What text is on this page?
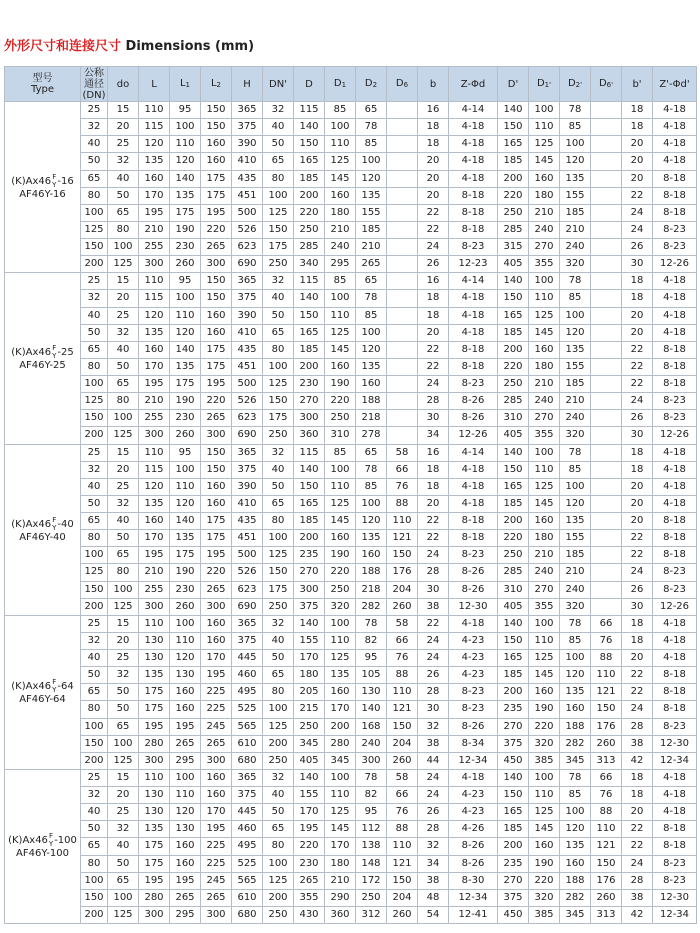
外形尺寸和连接尺寸 Dimensions (mm)
型号
Type	公称通径(DN)	do	L	$L_1$	$L_2$	H	DN'	D	$D_1$	$D_2$	$D_6$	b	Z-Φd	D'	$D_{1'}$	$D_{2'}$	$D_{6'}$	b'	Z'-Φd'

(K)Ax46 F
Y -16
AF46Y-16	25	15	110	95	150	365	32	115	85	65		16	4-14	140	100	78		18	4-18
	32	20	115	100	150	375	40	140	100	78		18	4-18	150	110	85		18	4-18
	40	25	120	110	160	390	50	150	110	85		18	4-18	165	125	100		20	4-18
	50	32	135	120	160	410	65	165	125	100		20	4-18	185	145	120		20	4-18
	65	40	160	140	175	435	80	185	145	120		20	4-18	200	160	135		20	8-18
	80	50	170	135	175	451	100	200	160	135		20	8-18	220	180	155		22	8-18
	100	65	195	175	195	500	125	220	180	155		22	8-18	250	210	185		24	8-18
	125	80	210	190	220	526	150	250	210	185		22	8-18	285	240	210		24	8-23
	150	100	255	230	265	623	175	285	240	210		24	8-23	315	270	240		26	8-23
	200	125	300	260	300	690	250	340	295	265		26	12-23	405	355	320		30	12-26

(K)Ax46 F
Y -25
AF46Y-25	25	15	110	95	150	365	32	115	85	65		16	4-14	140	100	78		18	4-18
	32	20	115	100	150	375	40	140	100	78		18	4-18	150	110	85		18	4-18
	40	25	120	110	160	390	50	150	110	85		18	4-18	165	125	100		20	4-18
	50	32	135	120	160	410	65	165	125	100		20	4-18	185	145	120		20	4-18
	65	40	160	140	175	435	80	185	145	120		22	8-18	200	160	135		22	8-18
	80	50	170	135	175	451	100	200	160	135		22	8-18	220	180	155		22	8-18
	100	65	195	175	195	500	125	230	190	160		24	8-23	250	210	185		22	8-18
	125	80	210	190	220	526	150	270	220	188		28	8-26	285	240	210		24	8-23
	150	100	255	230	265	623	175	300	250	218		30	8-26	310	270	240		26	8-23
	200	125	300	260	300	690	250	360	310	278		34	12-26	405	355	320		30	12-26

(K)Ax46 F
Y -40
AF46Y-40	25	15	110	95	150	365	32	115	85	65	58	16	4-14	140	100	78		18	4-18
	32	20	115	100	150	375	40	140	100	78	66	18	4-18	150	110	85		18	4-18
	40	25	120	110	160	390	50	150	110	85	76	18	4-18	165	125	100		20	4-18
	50	32	135	120	160	410	65	165	125	100	88	20	4-18	185	145	120		20	4-18
	65	40	160	140	175	435	80	185	145	120	110	22	8-18	200	160	135		20	8-18
	80	50	170	135	175	451	100	200	160	135	121	22	8-18	220	180	155		22	8-18
	100	65	195	175	195	500	125	235	190	160	150	24	8-23	250	210	185		22	8-18
	125	80	210	190	220	526	150	270	220	188	176	28	8-26	285	240	210		24	8-23
	150	100	255	230	265	623	175	300	250	218	204	30	8-26	310	270	240		26	8-23
	200	125	300	260	300	690	250	375	320	282	260	38	12-30	405	355	320		30	12-26

(K)Ax46 F
Y -64
AF46Y-64	25	15	110	100	160	365	32	140	100	78	58	22	4-18	140	100	78	66	18	4-18
	32	20	130	110	160	375	40	155	110	82	66	24	4-23	150	110	85	76	18	4-18
	40	25	130	120	170	445	50	170	125	95	76	24	4-23	165	125	100	88	20	4-18
	50	32	135	130	195	460	65	180	135	105	88	26	4-23	185	145	120	110	22	8-18
	65	50	175	160	225	495	80	205	160	130	110	28	8-23	200	160	135	121	22	8-18
	80	50	175	160	225	525	100	215	170	140	121	30	8-23	235	190	160	150	24	8-18
	100	65	195	195	245	565	125	250	200	168	150	32	8-26	270	220	188	176	28	8-23
	150	100	280	265	265	610	200	345	280	240	204	38	8-34	375	320	282	260	38	12-30
	200	125	300	295	300	680	250	405	345	300	260	44	12-34	450	385	345	313	42	12-34

(K)Ax46 F
Y -100
AF46Y-100	25	15	110	100	160	365	32	140	100	78	58	24	4-18	140	100	78	66	18	4-18
	32	20	130	110	160	375	40	155	110	82	66	24	4-23	150	110	85	76	18	4-18
	40	25	130	120	170	445	50	170	125	95	76	26	4-23	165	125	100	88	20	4-18
	50	32	135	130	195	460	65	195	145	112	88	28	4-26	185	145	120	110	22	8-18
	65	40	175	160	225	495	80	220	170	138	110	32	8-26	200	160	135	121	22	8-18
	80	50	175	160	225	525	100	230	180	148	121	34	8-26	235	190	160	150	24	8-23
	100	65	195	195	245	565	125	265	210	172	150	38	8-30	270	220	188	176	28	8-23
	150	100	280	265	265	610	200	355	290	250	204	48	12-34	375	320	282	260	38	12-30
	200	125	300	295	300	680	250	430	360	312	260	54	12-41	450	385	345	313	42	12-34
